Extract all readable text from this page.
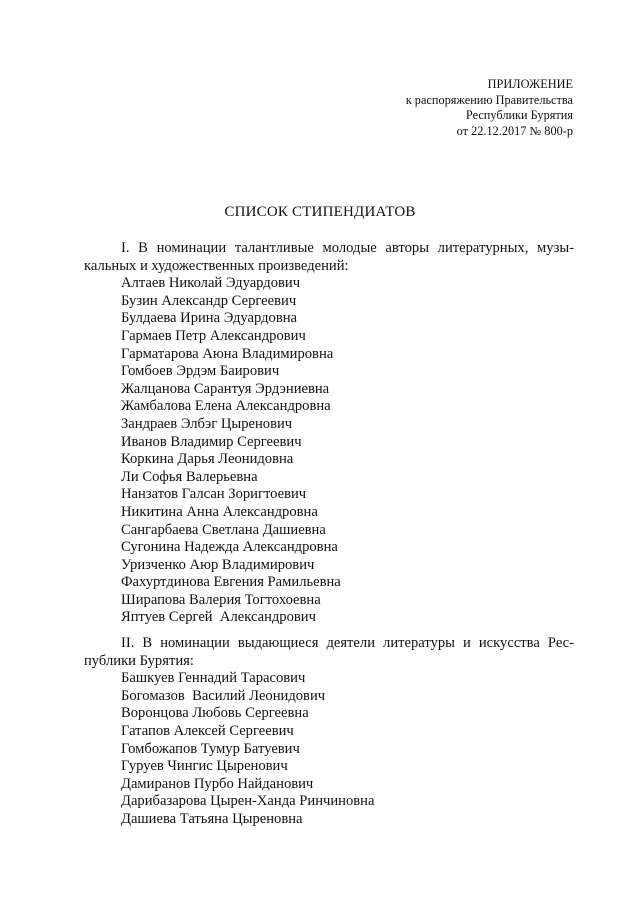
ПРИЛОЖЕНИЕ
к распоряжению Правительства
Республики Бурятия
от 22.12.2017 № 800-р
СПИСОК СТИПЕНДИАТОВ
I. В номинации талантливые молодые авторы литературных, музы-
кальных и художественных произведений:
Алтаев Николай Эдуардович
Бузин Александр Сергеевич
Булдаева Ирина Эдуардовна
Гармаев Петр Александрович
Гарматарова Аюна Владимировна
Гомбоев Эрдэм Баирович
Жалцанова Сарантуя Эрдэниевна
Жамбалова Елена Александровна
Зандраев Элбэг Цыренович
Иванов Владимир Сергеевич
Коркина Дарья Леонидовна
Ли Софья Валерьевна
Нанзатов Галсан Зоригтоевич
Никитина Анна Александровна
Сангарбаева Светлана Дашиевна
Сугонина Надежда Александровна
Уризченко Аюр Владимирович
Фахуртдинова Евгения Рамильевна
Ширапова Валерия Тогтохоевна
Яптуев Сергей  Александрович
II. В номинации выдающиеся деятели литературы и искусства Рес-
публики Бурятия:
Башкуев Геннадий Тарасович
Богомазов  Василий Леонидович
Воронцова Любовь Сергеевна
Гатапов Алексей Сергеевич
Гомбожапов Тумур Батуевич
Гуруев Чингис Цыренович
Дамиранов Пурбо Найданович
Дарибазарова Цырен-Ханда Ринчиновна
Дашиева Татьяна Цыреновна
